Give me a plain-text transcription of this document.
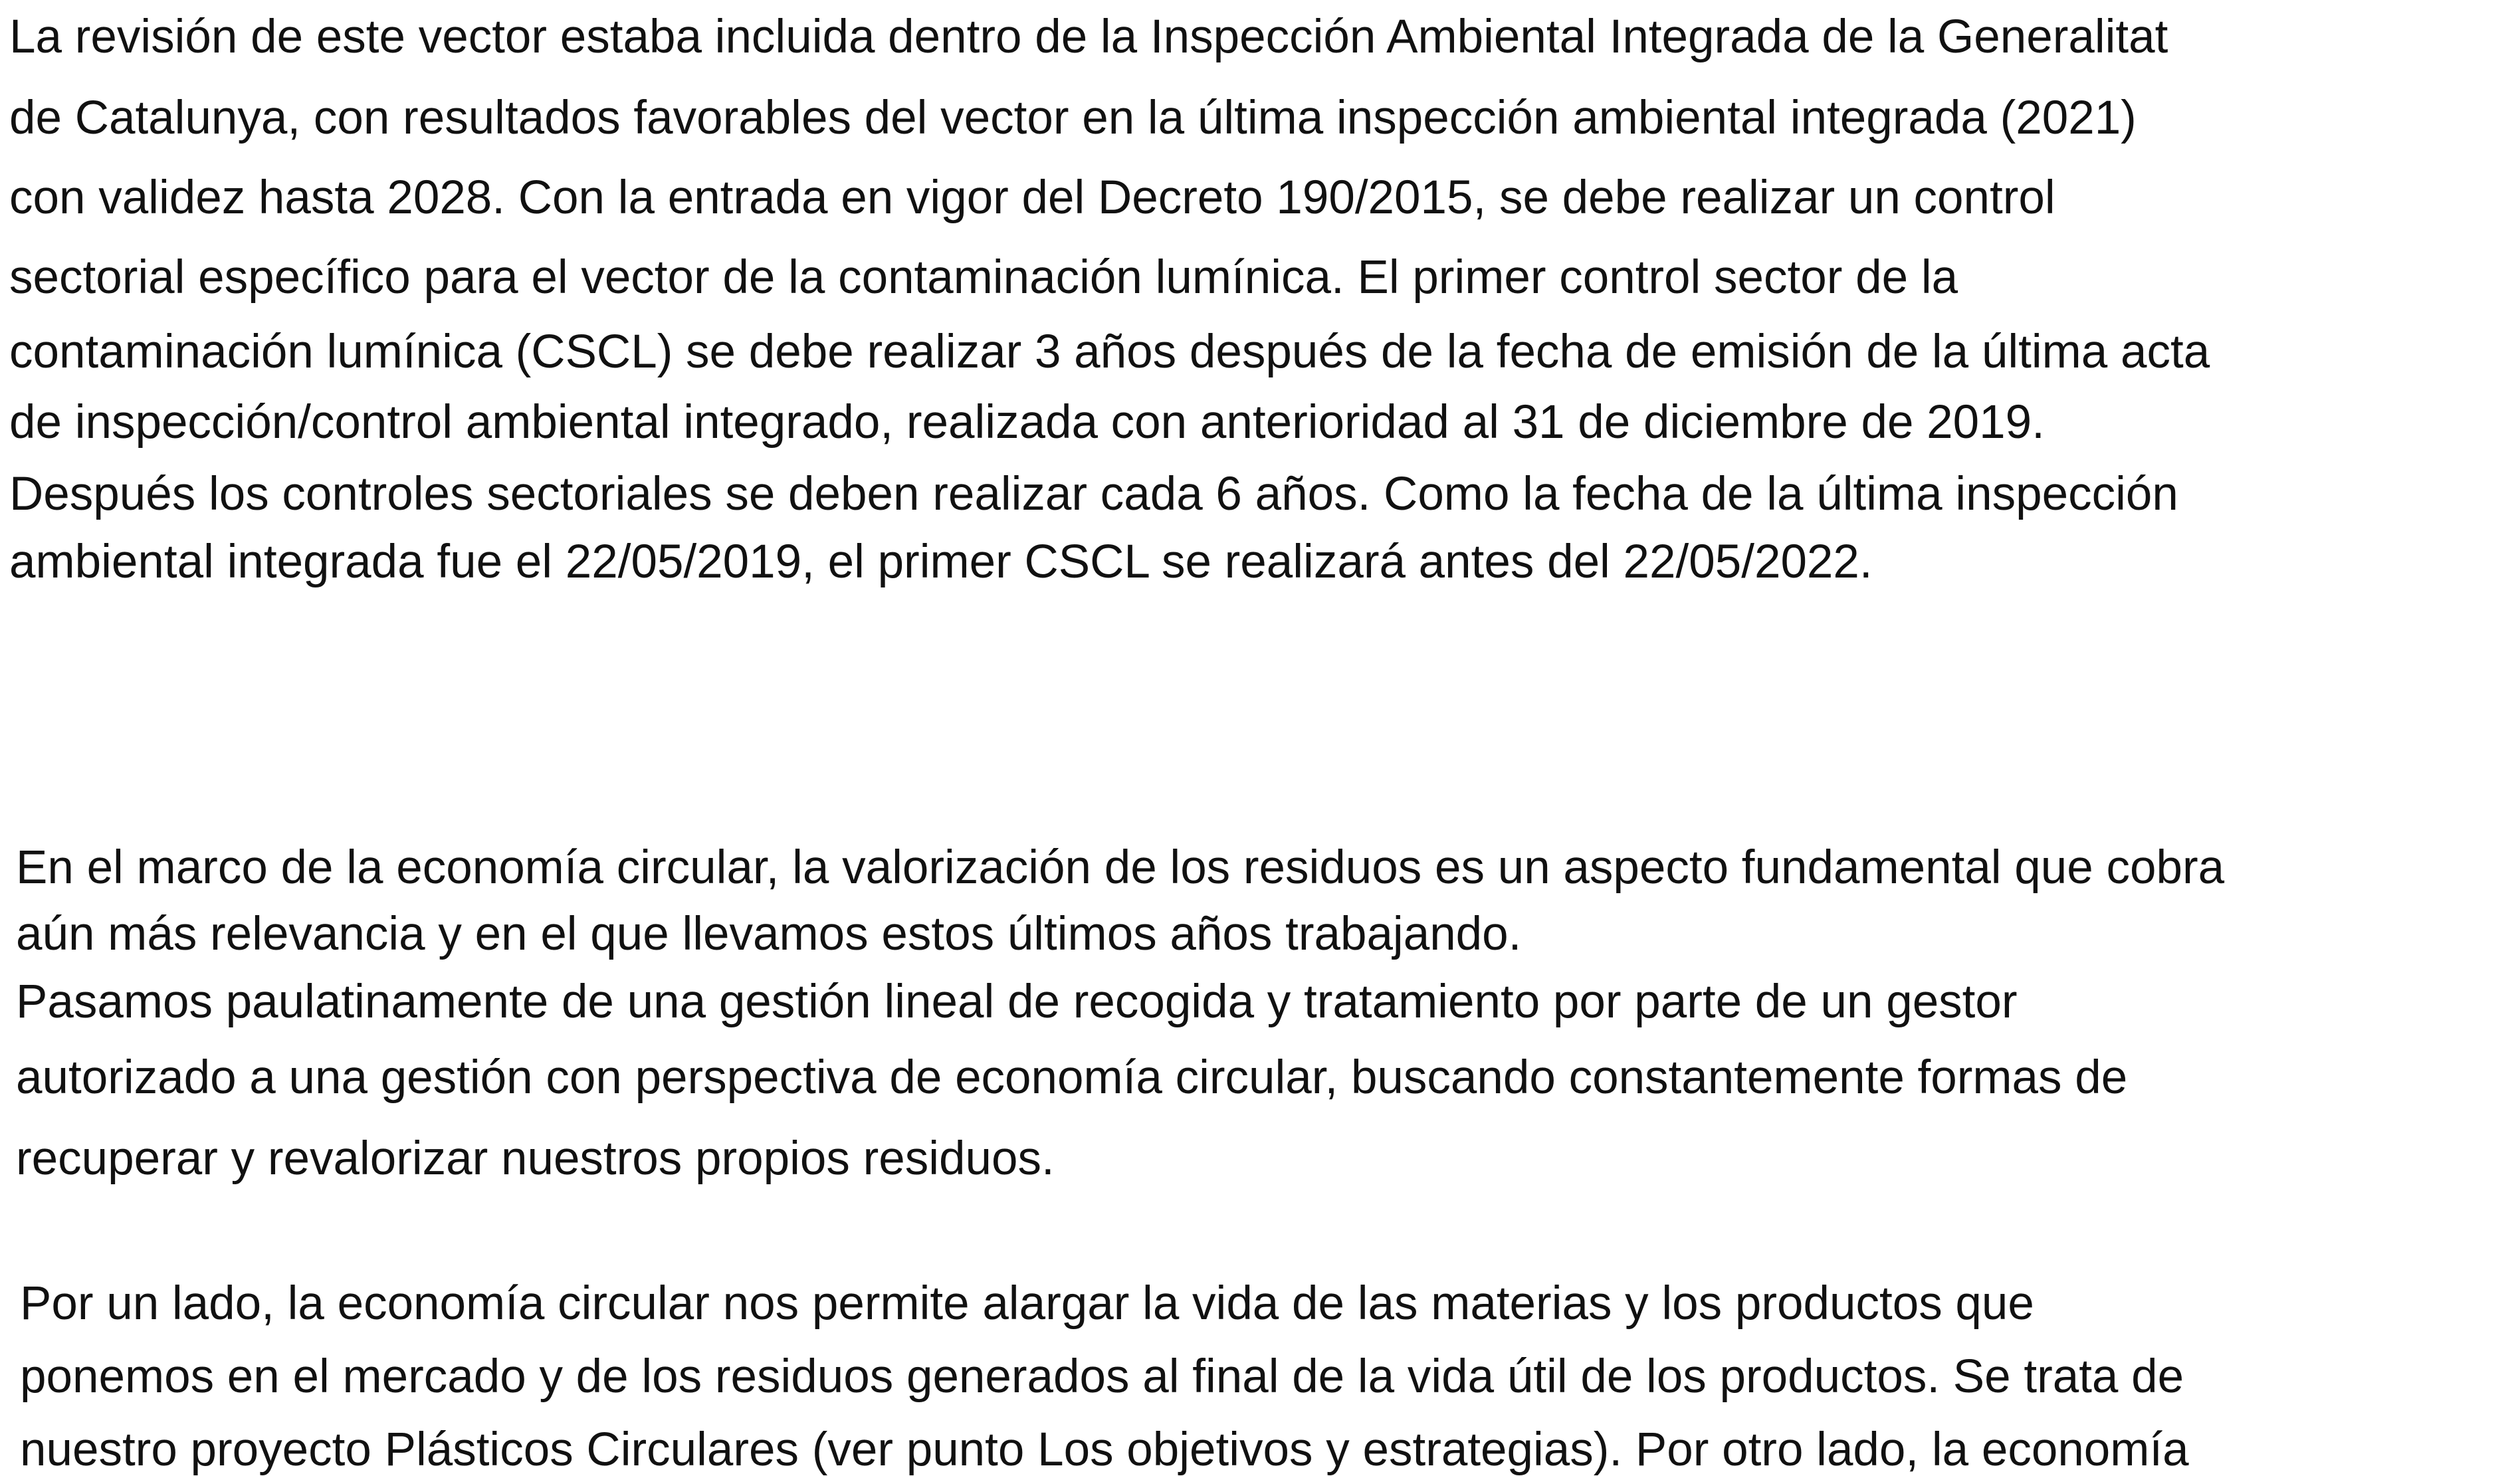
La revisión de este vector estaba incluida dentro de la Inspección Ambiental Integrada de la Generalitat
de Catalunya, con resultados favorables del vector en la última inspección ambiental integrada (2021)
con validez hasta 2028. Con la entrada en vigor del Decreto 190/2015, se debe realizar un control
sectorial específico para el vector de la contaminación lumínica. El primer control sector de la
contaminación lumínica (CSCL) se debe realizar 3 años después de la fecha de emisión de la última acta
de inspección/control ambiental integrado, realizada con anterioridad al 31 de diciembre de 2019.
Después los controles sectoriales se deben realizar cada 6 años. Como la fecha de la última inspección
ambiental integrada fue el 22/05/2019, el primer CSCL se realizará antes del 22/05/2022.
En el marco de la economía circular, la valorización de los residuos es un aspecto fundamental que cobra
aún más relevancia y en el que llevamos estos últimos años trabajando.
Pasamos paulatinamente de una gestión lineal de recogida y tratamiento por parte de un gestor
autorizado a una gestión con perspectiva de economía circular, buscando constantemente formas de
recuperar y revalorizar nuestros propios residuos.
Por un lado, la economía circular nos permite alargar la vida de las materias y los productos que
ponemos en el mercado y de los residuos generados al final de la vida útil de los productos. Se trata de
nuestro proyecto Plásticos Circulares (ver punto Los objetivos y estrategias). Por otro lado, la economía
